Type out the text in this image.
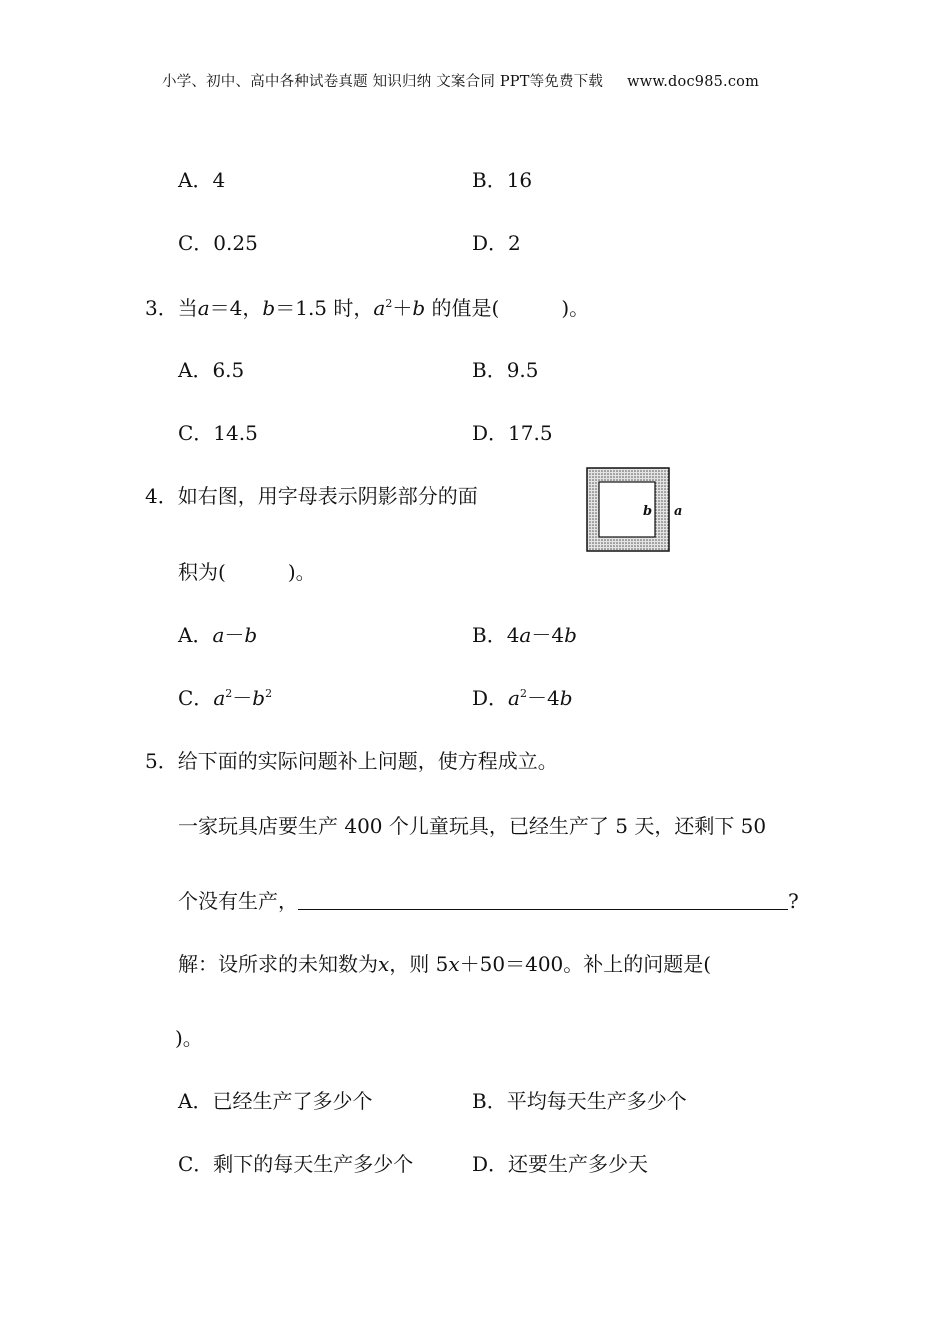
小学、初中、高中各种试卷真题 知识归纳 文案合同 PPT等免费下载 www.doc985.com
A．4	B．16
C．0.25	D．2
3．当a＝4，b＝1.5 时，$a^2+b$ 的值是(	)。
A．6.5	B．9.5
C．14.5	D．17.5
4．如右图，用字母表示阴影部分的面
积为(	)。
b a
A．a－b	B．4a－4b
C．$a^2-b^2$	D．$a^2-4b$
5．给下面的实际问题补上问题，使方程成立。
一家玩具店要生产 400 个儿童玩具，已经生产了 5 天，还剩下 50
个没有生产，	?
解：设所求的未知数为x，则 5x＋50＝400。补上的问题是(
)。
A．已经生产了多少个	B．平均每天生产多少个
C．剩下的每天生产多少个	D．还要生产多少天
